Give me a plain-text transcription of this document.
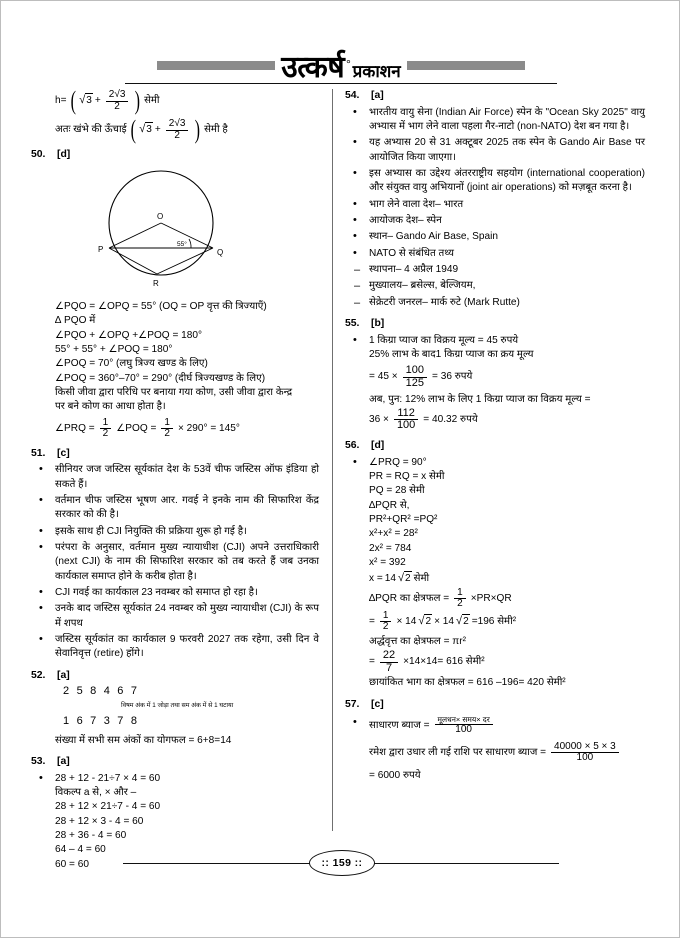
उत्कर्ष ° प्रकाशन
h= ( √ $3 + \frac{2√3}{2}$ ) सेमी
अतः खंभे की ऊँचाई ( √ $3 + \frac{2√3}{2}$ ) सेमी है
50.	[d]
O
P	Q
R
55°

∠PQO = ∠OPQ = 55° (OQ = OP वृत्त की त्रिज्याएँ)

∆ PQO में

∠PQO + ∠OPQ +∠POQ = 180°

55° + 55° + ∠POQ = 180°

∠POQ = 70° (लघु त्रिज्य खण्ड के लिए)

∠POQ = 360°–70° = 290° (दीर्घ त्रिज्यखण्ड के लिए)

किसी जीवा द्वारा परिधि पर बनाया गया कोण, उसी जीवा द्वारा केन्द्र

पर बने कोण का आधा होता है।

∠PRQ = $\frac{1}{2}$ ∠POQ = $\frac{1}{2} \times 290^\circ = 145^\circ$
51.	[c]
• सीनियर जज जस्टिस सूर्यकांत देश के 53वें चीफ जस्टिस ऑफ इंडिया हो सकते हैं।
• वर्तमान चीफ जस्टिस भूषण आर. गवई ने इनके नाम की सिफारिश केंद्र सरकार को की है।
• इसके साथ ही CJI नियुक्ति की प्रक्रिया शुरू हो गई है।
• परंपरा के अनुसार, वर्तमान मुख्य न्यायाधीश (CJI) अपने उत्तराधिकारी (next CJI) के नाम की सिफारिश सरकार को तब करते हैं जब उनका कार्यकाल समाप्त होने के करीब होता है।
• CJI गवई का कार्यकाल 23 नवम्बर को समाप्त हो रहा है।
• उनके बाद जस्टिस सूर्यकांत 24 नवम्बर को मुख्य न्यायाधीश (CJI) के रूप में शपथ
• जस्टिस सूर्यकांत का कार्यकाल 9 फरवरी 2027 तक रहेगा, उसी दिन वे सेवानिवृत्त (retire) होंगे।
52.	[a]
2 5 8 4 6 7
विषम अंक में 1 जोड़ा तथा सम अंक में से 1 घटाया
1 6 7 3 7 8
संख्या में सभी सम अंकों का योगफल = 6+8=14
53.	[a]
• 28 + 12 - 21÷7 × 4 = 60
विकल्प a से, × और –
28 + 12 × 21÷7 - 4 = 60
28 + 12 × 3 - 4 = 60
28 + 36 - 4 = 60
64 – 4 = 60
60 = 60
54.	[a]
• भारतीय वायु सेना (Indian Air Force) स्पेन के "Ocean Sky 2025" वायु अभ्यास में भाग लेने वाला पहला गैर-नाटो (non-NATO) देश बन गया है।
• यह अभ्यास 20 से 31 अक्टूबर 2025 तक स्पेन के Gando Air Base पर आयोजित किया जाएगा।
• इस अभ्यास का उद्देश्य अंतरराष्ट्रीय सहयोग (international cooperation) और संयुक्त वायु अभियानों (joint air operations) को मज़बूत करना है।
• भाग लेने वाला देश– भारत
• आयोजक देश– स्पेन
• स्थान– Gando Air Base, Spain
• NATO से संबंधित तथ्य
– स्थापना– 4 अप्रैल 1949
– मुख्यालय– ब्रसेल्स, बेल्जियम,
– सेक्रेटरी जनरल– मार्क रुटे (Mark Rutte)
55.	[b]
• 1 किग्रा प्याज का विक्रय मूल्य = 45 रुपये
25% लाभ के बाद1 किग्रा प्याज का क्रय मूल्य
= $45 \times \frac{100}{125} = 36$ रुपये
अब, पुन: 12% लाभ के लिए 1 किग्रा प्याज का विक्रय मूल्य =
$36 \times \frac{112}{100} = 40.32$ रुपये
56.	[d]
• ∠PRQ = 90°
PR = RQ = x सेमी
PQ = 28 सेमी
∆PQR से,
PR²+QR² =PQ²
x²+x² = 28²
2x² = 784
x² = 392
x = 14 √ 2 सेमी
∆PQR का क्षेत्रफल = $\frac{1}{2} \times PR\times QR$
= $\frac{1}{2} \times 14$ √ 2 × 14 √ 2 =196 सेमी²
अर्द्धवृत्त का क्षेत्रफल = πr²
= $\frac{22}{7} \times 14\times 14= 616$ सेमी²
छायांकित भाग का क्षेत्रफल = 616 –196= 420 सेमी²
57.	[c]
• साधारण ब्याज = $\frac{\text{मूलधन× समय× दर}}{100}$
रमेश द्वारा उधार ली गई राशि पर साधारण ब्याज = $\frac{40000 \times 5 \times 3}{100}$
= 6000 रुपये
:: 159 ::
